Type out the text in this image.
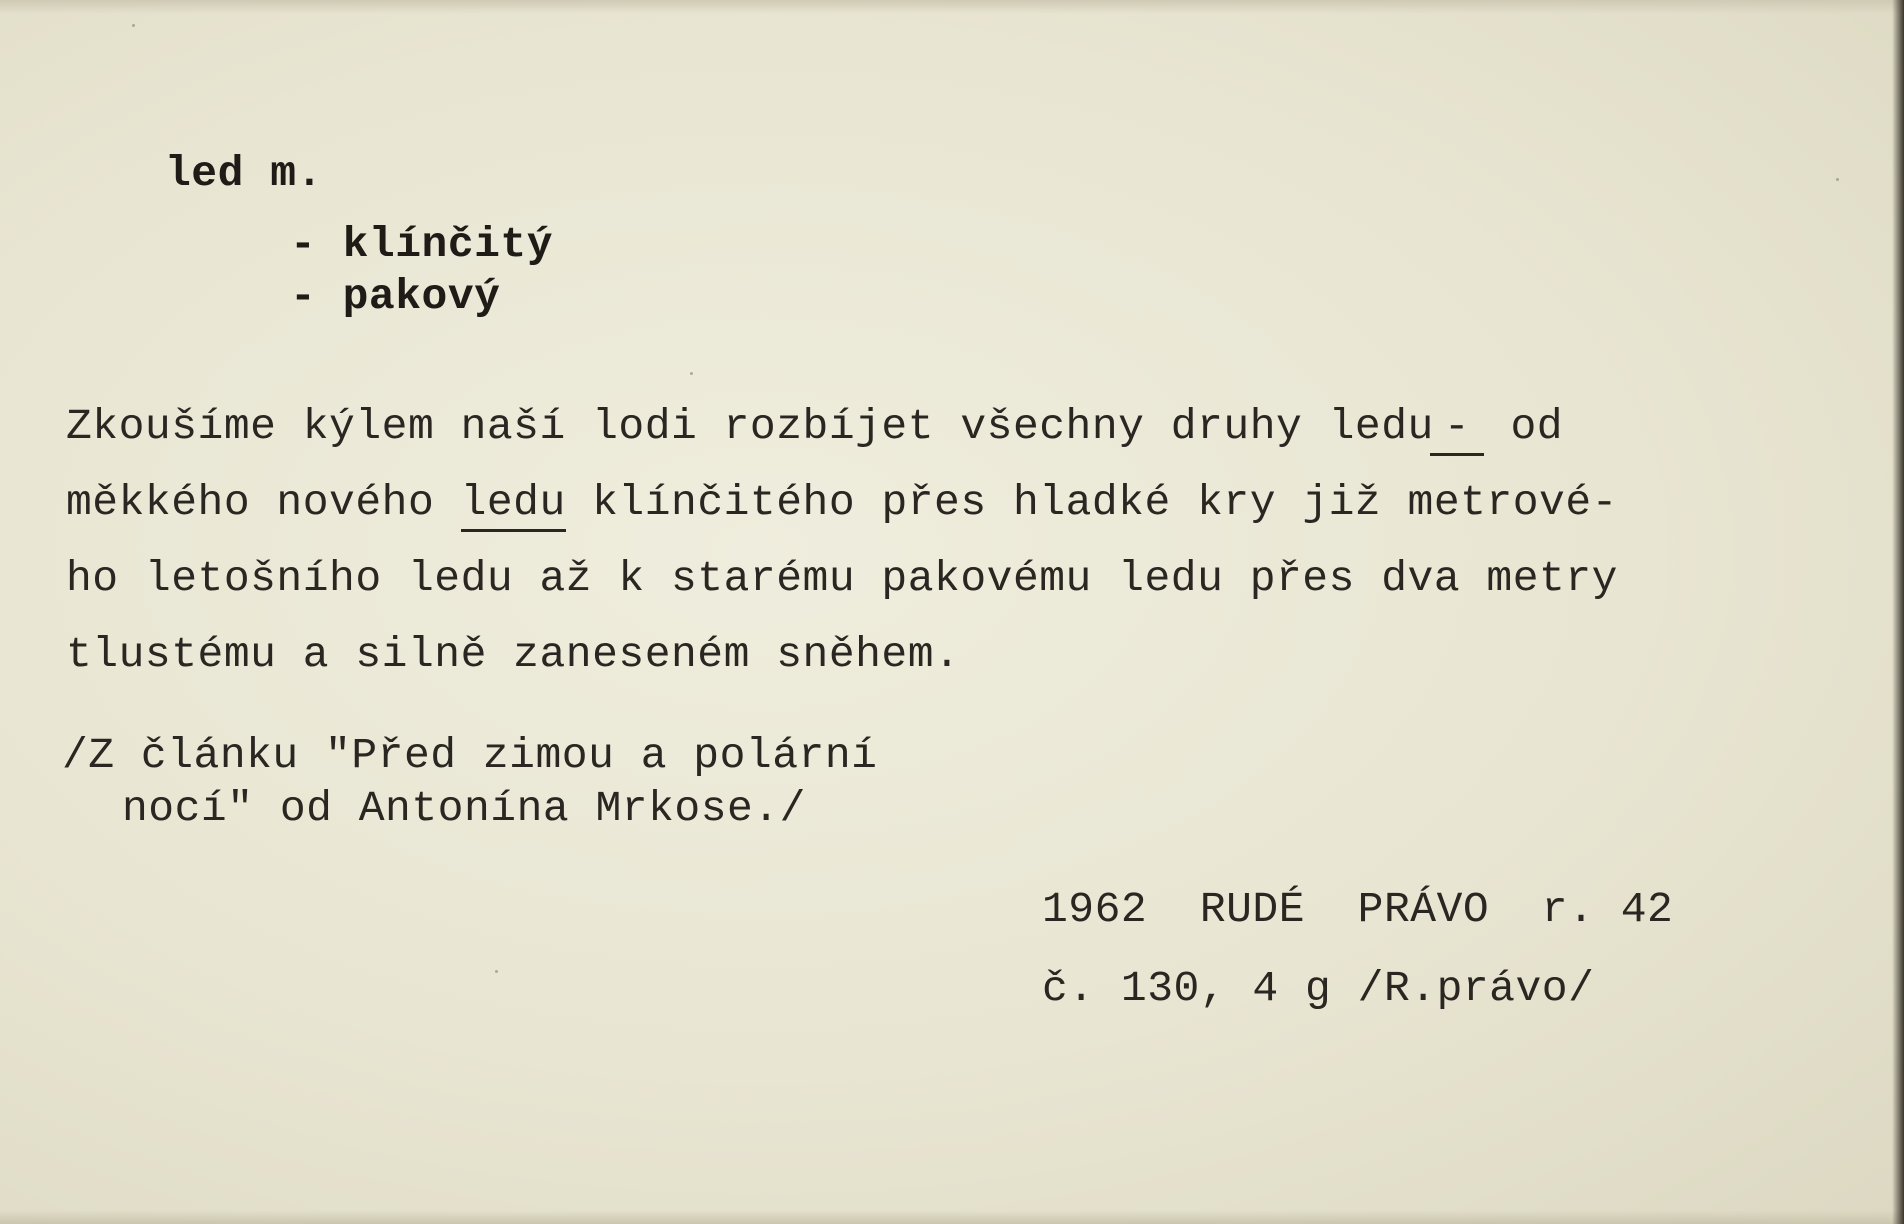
led m.
- klínčitý
- pakový
Zkoušíme kýlem naší lodi rozbíjet všechny druhy ledu - od
měkkého nového ledu klínčitého přes hladké kry již metrové-
ho letošního ledu až k starému pakovému ledu přes dva metry
tlustému a silně zaneseném sněhem.
/Z článku "Před zimou a polární
nocí" od Antonína Mrkose./
1962  RUDÉ  PRÁVO  r. 42
č. 130, 4 g /R.právo/
